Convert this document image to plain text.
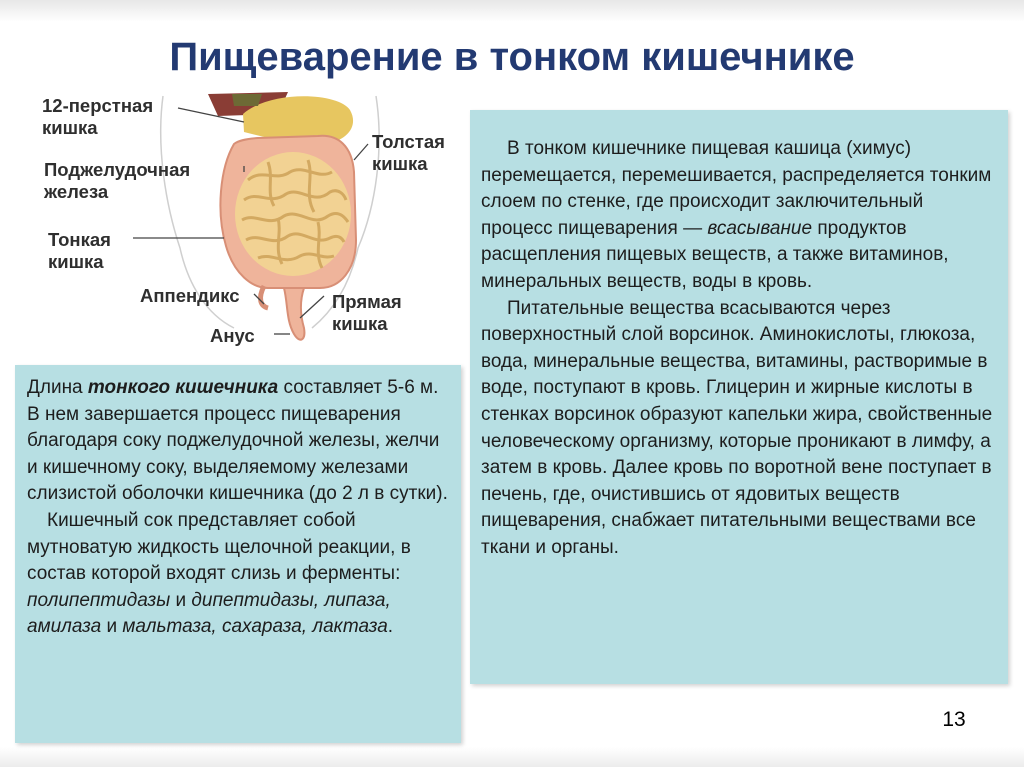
Пищеварение в тонком кишечнике
12-перстная
кишка
Поджелудочная
железа
Тонкая
кишка
Аппендикс
Анус
Толстая
кишка
Прямая
кишка

Длина тонкого кишечника составляет 5-6 м. В нем завершается процесс пищеварения благодаря соку поджелудочной железы, желчи и кишечному соку, выделяемому железами слизистой оболочки кишечника (до 2 л в сутки).

Кишечный сок представляет собой мутноватую жидкость щелочной реакции, в состав которой входят слизь и ферменты: полипептидазы и дипептидазы, липаза, амилаза и мальтаза, сахараза, лактаза.

В тонком кишечнике пищевая кашица (химус) перемещается, перемешивается, распределяется тонким слоем по стенке, где происходит заключительный процесс пищеварения — всасывание продуктов расщепления пищевых веществ, а также витаминов, минеральных веществ, воды в кровь.

Питательные вещества всасываются через поверхностный слой ворсинок. Аминокислоты, глюкоза, вода, минеральные вещества, витамины, растворимые в воде, поступают в кровь. Глицерин и жирные кислоты в стенках ворсинок образуют капельки жира, свойственные человеческому организму, которые проникают в лимфу, а затем в кровь. Далее кровь по воротной вене поступает в печень, где, очистившись от ядовитых веществ пищеварения, снабжает питательными веществами все ткани и органы.

13
